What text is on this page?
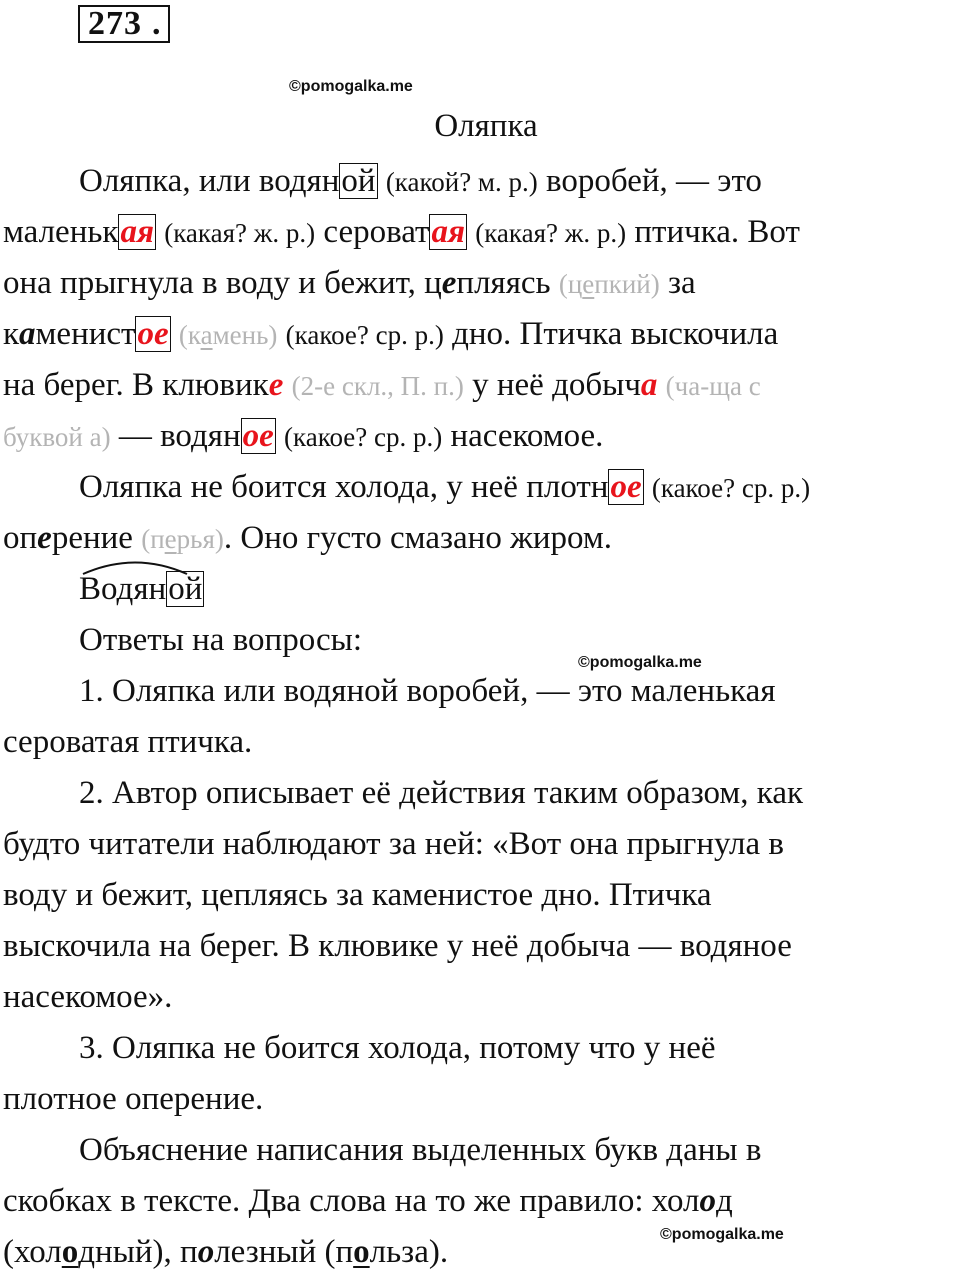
273 .
©pomogalka.me
©pomogalka.me
©pomogalka.me
Оляпка
Оляпка, или водяной (какой? м. р.) воробей, — это
маленькая (какая? ж. р.) сероватая (какая? ж. р.) птичка. Вот
она прыгнула в воду и бежит, цепляясь (цепкий) за
каменистое (камень) (какое? ср. р.) дно. Птичка выскочила
на берег. В клювике (2-е скл., П. п.) у неё добыча (ча-ща с
буквой а) — водяное (какое? ср. р.) насекомое.
Оляпка не боится холода, у неё плотное (какое? ср. р.)
оперение (перья). Оно густо смазано жиром.
Водяной
Ответы на вопросы:
1. Оляпка или водяной воробей, — это маленькая
сероватая птичка.
2. Автор описывает её действия таким образом, как
будто читатели наблюдают за ней: «Вот она прыгнула в
воду и бежит, цепляясь за каменистое дно. Птичка
выскочила на берег. В клювике у неё добыча — водяное
насекомое».
3. Оляпка не боится холода, потому что у неё
плотное оперение.
Объяснение написания выделенных букв даны в
скобках в тексте. Два слова на то же правило: холод
(холодный), полезный (польза).
